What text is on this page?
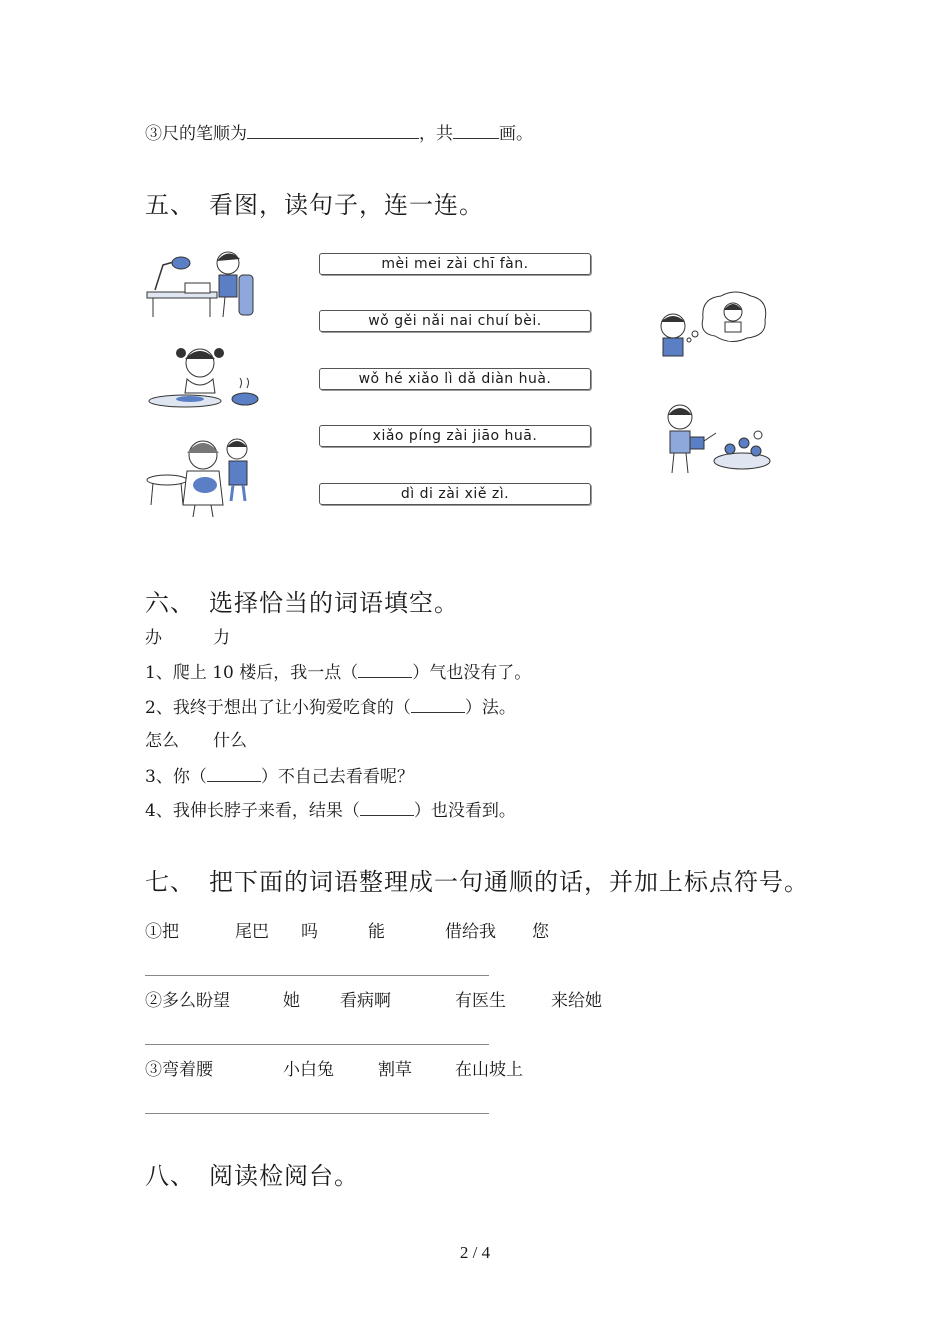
③尺的笔顺为	，共	画。
五、 看图，读句子，连一连。
mèi mei zài chī fàn.
wǒ gěi nǎi nai chuí bèi.
wǒ hé xiǎo lì dǎ diàn huà.
xiǎo píng zài jiāo huā.
dì di zài xiě zì.
六、 选择恰当的词语填空。
办	力
1、爬上 10 楼后，我一点（	）气也没有了。
2、我终于想出了让小狗爱吃食的（	）法。
怎么 什么
3、你（	）不自己去看看呢？
4、我伸长脖子来看，结果（	）也没看到。
七、 把下面的词语整理成一句通顺的话，并加上标点符号。
①把	尾巴 吗	能	借给我 您
②多么盼望	她 看病啊	有医生	来给她
③弯着腰	小白兔	割草	在山坡上
八、 阅读检阅台。
2 / 4
